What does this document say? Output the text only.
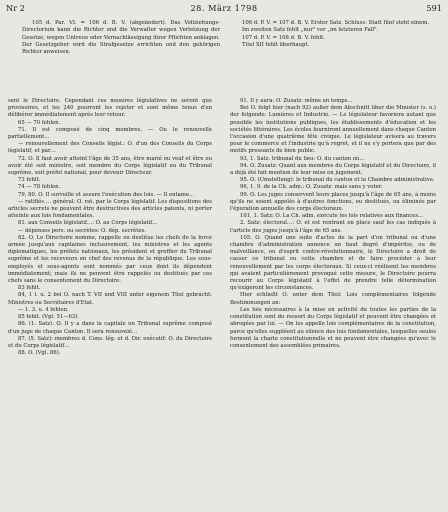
Nr 2	28. März 1798	591

105 d. Par. VI. = 106 d. B. V. (abgeändert). Das Vollziehungs-Directorium kann die Richter und die Verwalter wegen Verletzung der Gesetze, wegen Untreue oder Vernachlässigung ihrer Pflichten anklagen. Der Gesetzgeber wird die Strafgesetze errichten und den gehörigen Richter anweisen.

106 d. P. V. = 107 d. B. V. Erster Satz. Schluss: Statt fünf steht einem.

Im zweiten Satz fehlt „nur" vor „im letzteren Fall".

107 d. P. V. = 108 d. B. V. fehlt.

Titel XII fehlt überhaupt.

sent le Directoire. Cependant ces mesures législatives ne seront que provisoires, et les 240 pourront les rejeter et sont même tenus d'en délibérer immédiatement après leur retour.

65 — 70 fehlen.

71. Il est composé de cinq membres. — Ou le renouvelle partiellement…

— renouvellement des Conseils législ.: O. d'un des Conseils du Corps législatif, et par…

72. O. Il faut avoir atteint l'âge de 35 ans, être marié ou veuf et être ou avoir été soit ministre, soit membre du Corps législatif ou du Tribunal suprême, soit préfet national, pour devenir Directeur.

73 fehlt.

74 — 78 fehlen.

79, 80. O. Il surveille et assure l'exécution des lois. — Il entame…

— ratifiés … général: O. rat. par le Corps législatif. Les dispositions des articles secrets ne peuvent être destructives des articles patents, ni porter atteinte aux lois fondamentales.

81. aux Conseils législatif…: O. au Corps législatif…

— dépenses pers. ou secrètes: O. dép. secrètes.

82. O. Le Directoire nomme, rappelle ou destitue les chefs de la force armée jusqu'aux capitaines inclusivement, les ministres et les agents diplomatiques, les préfets nationaux, les président et greffier du Tribunal suprême et les receveurs en chef des revenus de la république. Les sous-employés et sous-agents sont nommés par ceux dont ils dépendent immédiatement; mais ils ne peuvent être rappelés ou destitués par ces chefs sans le consentement du Directoire.

83 fehlt.

84, 1 l. u. 2 bei O. nach T. VII und VIII unter eigenem Titel gebracht: Ministres ou Secrétaires d'Etat.

— 1. 3. u. 4 fehlen.

85 fehlt. (Vgl. 51—63).

86. (1. Satz). O. Il y a dans la capitale un Tribunal suprême composé d'un juge de chaque Canton. Il sera renouvelé…

87. (5. Satz): membres d. Cons. lég. et d. Dir. exécutif: O. du Directoire et du Corps législatif…

88. O. (Vgl. 86).

91. Il y aura: O. Zusatz: même en temps…

Bei O. folgt hier (nach 92) außer dem Abschnitt über die Minister (s. o.) der folgende: Lumières et Industrie. — Le législateur favoriera autant que possible les institutions publiques, les établissements d'éducation et les sociétés littéraires. Les écoles fourniront annuellement dans chaque Canton l'occasion d'une quatrième fête civique. Le législateur avisera au travers pour le commerce et l'industrie qu'à regret, et il ne s'y portera que par des motifs pressants de bien public.

93, 1. Satz. tribunal du lieu: O. du canton où…

94. O. Zusatz: Quant aux membres du Corps législatif et du Directoire, il a déjà été fait mention de leur mise en jugement.

95. O. (Umstellung): le tribunal du canton et la Chambre administrative.

96, 1. 9. de la Ch. adm.: O. Zusatz: mais sans y voter.

99. O. Les juges conservent leurs places jusqu'à l'âge de 65 ans, à moins qu'ils ne soient appelés à d'autres fonctions, ou destitués, ou éliminés par l'épuration annuelle des corps électoraux.

101, 1. Satz: O. La Ch. adm. exécute les lois relatives aux finances…

2. Satz: électoral…: O. et est rentrant en place sauf les cas indiqués à l'article des juges jusqu'à l'âge de 65 ans.

105. O. Quand une suite d'actes de la part d'un tribunal ou d'une chambre d'administration annonce un haut degré d'impéritie, ou de malveillance, ou d'esprit contre-révolutionnaire, le Directoire a droit de casser ce tribunal ou cette chambre et de faire procéder à leur renouvellement par les corps électoraux. Si ceux-ci réélisent les membres qui avaient particulièrement provoqué cette mesure, le Directoire pourra recourir au Corps législatif à l'effet de prendre telle détermination qu'exigeront les circonstances.

Hier schließt O. unter dem Titel: Lois complémentaires folgende Bestimmungen an:

Les lois nécessaires à la mise en activité de toutes les parties de la constitution sont du ressort du Corps législatif et peuvent être changées et abrogées par lui. — On les appelle lois complémentaires de la constitution, parce qu'elles suppléent au silence des lois fondamentales, lesquelles seules forment la charte constitutionnelle et ne peuvent être changées qu'avec le consentement des assemblées primaires.
